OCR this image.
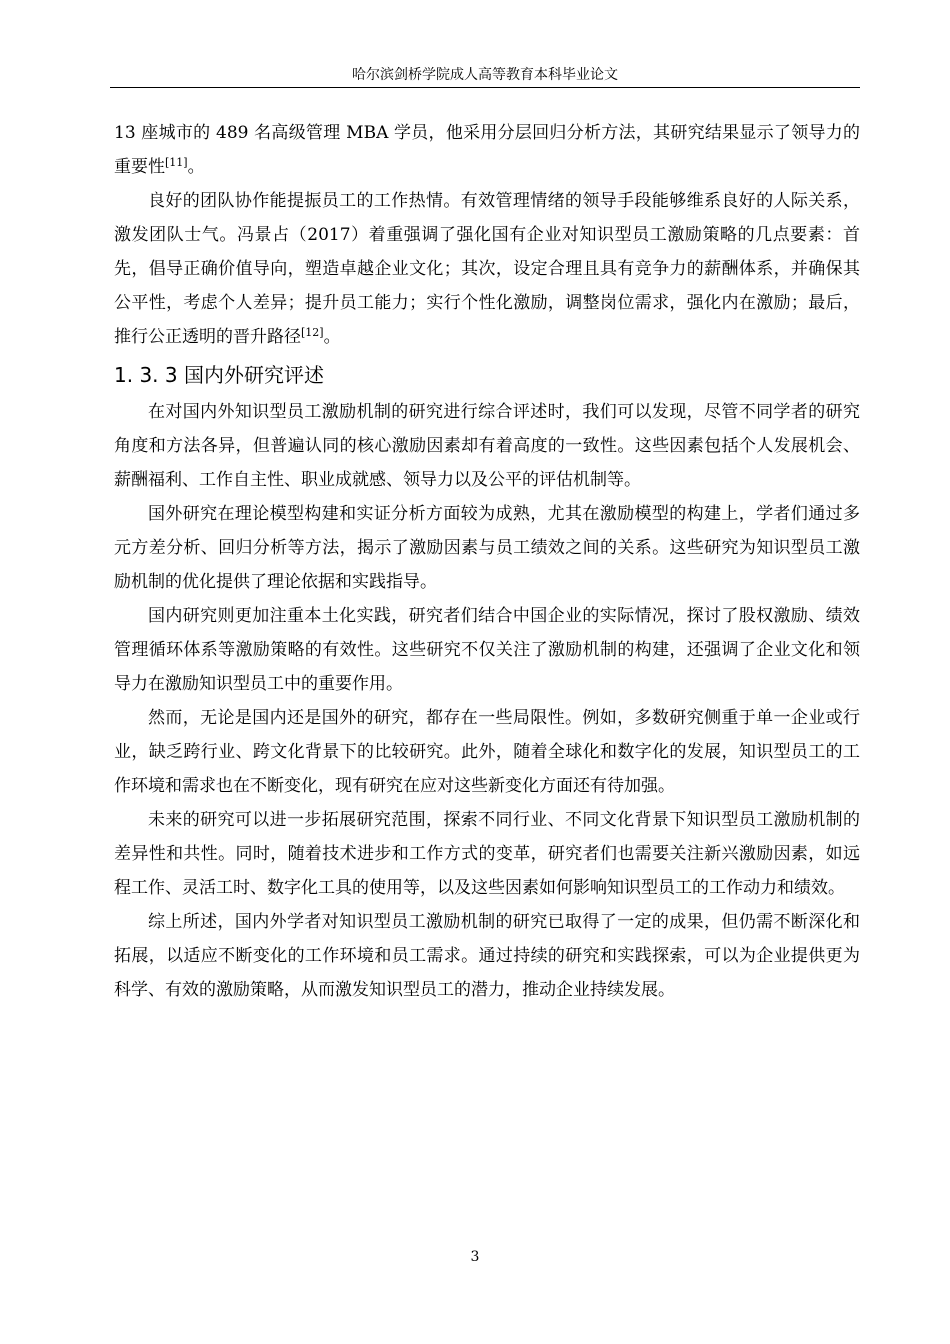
哈尔滨剑桥学院成人高等教育本科毕业论文

13 座城市的 489 名高级管理 MBA 学员，他采用分层回归分析方法，其研究结果显示了领导力的重要性[11]。

良好的团队协作能提振员工的工作热情。有效管理情绪的领导手段能够维系良好的人际关系，激发团队士气。冯景占（2017）着重强调了强化国有企业对知识型员工激励策略的几点要素：首先，倡导正确价值导向，塑造卓越企业文化；其次，设定合理且具有竞争力的薪酬体系，并确保其公平性，考虑个人差异；提升员工能力；实行个性化激励，调整岗位需求，强化内在激励；最后，推行公正透明的晋升路径[12]。

1. 3. 3 国内外研究评述

在对国内外知识型员工激励机制的研究进行综合评述时，我们可以发现，尽管不同学者的研究角度和方法各异，但普遍认同的核心激励因素却有着高度的一致性。这些因素包括个人发展机会、薪酬福利、工作自主性、职业成就感、领导力以及公平的评估机制等。

国外研究在理论模型构建和实证分析方面较为成熟，尤其在激励模型的构建上，学者们通过多元方差分析、回归分析等方法，揭示了激励因素与员工绩效之间的关系。这些研究为知识型员工激励机制的优化提供了理论依据和实践指导。

国内研究则更加注重本土化实践，研究者们结合中国企业的实际情况，探讨了股权激励、绩效管理循环体系等激励策略的有效性。这些研究不仅关注了激励机制的构建，还强调了企业文化和领导力在激励知识型员工中的重要作用。

然而，无论是国内还是国外的研究，都存在一些局限性。例如，多数研究侧重于单一企业或行业，缺乏跨行业、跨文化背景下的比较研究。此外，随着全球化和数字化的发展，知识型员工的工作环境和需求也在不断变化，现有研究在应对这些新变化方面还有待加强。

未来的研究可以进一步拓展研究范围，探索不同行业、不同文化背景下知识型员工激励机制的差异性和共性。同时，随着技术进步和工作方式的变革，研究者们也需要关注新兴激励因素，如远程工作、灵活工时、数字化工具的使用等，以及这些因素如何影响知识型员工的工作动力和绩效。

综上所述，国内外学者对知识型员工激励机制的研究已取得了一定的成果，但仍需不断深化和拓展，以适应不断变化的工作环境和员工需求。通过持续的研究和实践探索，可以为企业提供更为科学、有效的激励策略，从而激发知识型员工的潜力，推动企业持续发展。

3
